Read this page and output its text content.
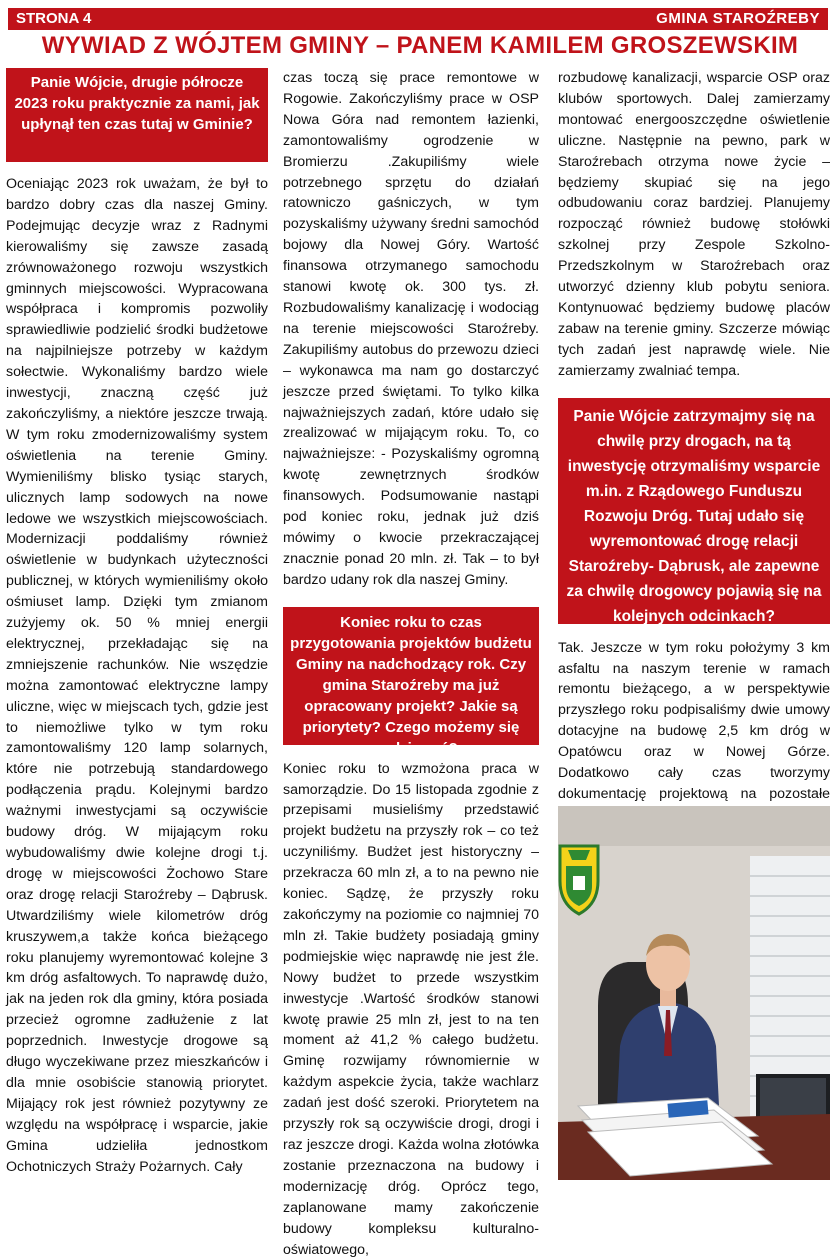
STRONA 4	GMINA STAROŹREBY
WYWIAD Z WÓJTEM GMINY – PANEM KAMILEM GROSZEWSKIM
Panie Wójcie, drugie półrocze 2023 roku praktycznie za nami, jak upłynął ten czas tutaj w Gminie?

Oceniając 2023 rok uważam, że był to bardzo dobry czas dla naszej Gminy. Podejmując decyzje wraz z Radnymi kierowaliśmy się zawsze zasadą zrównoważonego rozwoju wszystkich gminnych miejscowości. Wypracowana współpraca i kompromis pozwoliły sprawiedliwie podzielić środki budżetowe na najpilniejsze potrzeby w każdym sołectwie. Wykonaliśmy bardzo wiele inwestycji, znaczną część już zakończyliśmy, a niektóre jeszcze trwają. W tym roku zmodernizowaliśmy system oświetlenia na terenie Gminy. Wymieniliśmy blisko tysiąc starych, ulicznych lamp sodowych na nowe ledowe we wszystkich miejscowościach. Modernizacji poddaliśmy również oświetlenie w budynkach użyteczności publicznej, w których wymieniliśmy około ośmiuset lamp. Dzięki tym zmianom zużyjemy ok. 50 % mniej energii elektrycznej, przekładając się na zmniejszenie rachunków. Nie wszędzie można zamontować elektryczne lampy uliczne, więc w miejscach tych, gdzie jest to niemożliwe tylko w tym roku zamontowaliśmy 120 lamp solarnych, które nie potrzebują standardowego podłączenia prądu. Kolejnymi bardzo ważnymi inwestycjami są oczywiście budowy dróg. W mijającym roku wybudowaliśmy dwie kolejne drogi t.j. drogę w miejscowości Żochowo Stare oraz drogę relacji Staroźreby – Dąbrusk. Utwardziliśmy wiele kilometrów dróg kruszywem,a także końca bieżącego roku planujemy wyremontować kolejne 3 km dróg asfaltowych. To naprawdę dużo, jak na jeden rok dla gminy, która posiada przecież ogromne zadłużenie z lat poprzednich. Inwestycje drogowe są długo wyczekiwane przez mieszkańców i dla mnie osobiście stanowią priorytet. Mijający rok jest również pozytywny ze względu na współpracę i wsparcie, jakie Gmina udzieliła jednostkom Ochotniczych Straży Pożarnych. Cały

czas toczą się prace remontowe w Rogowie. Zakończyliśmy prace w OSP Nowa Góra nad remontem łazienki, zamontowaliśmy ogrodzenie w Bromierzu .Zakupiliśmy wiele potrzebnego sprzętu do działań ratowniczo gaśniczych, w tym pozyskaliśmy używany średni samochód bojowy dla Nowej Góry. Wartość finansowa otrzymanego samochodu stanowi kwotę ok. 300 tys. zł. Rozbudowaliśmy kanalizację i wodociąg na terenie miejscowości Staroźreby. Zakupiliśmy autobus do przewozu dzieci – wykonawca ma nam go dostarczyć jeszcze przed świętami. To tylko kilka najważniejszych zadań, które udało się zrealizować w mijającym roku. To, co najważniejsze: - Pozyskaliśmy ogromną kwotę zewnętrznych środków finansowych. Podsumowanie nastąpi pod koniec roku, jednak już dziś mówimy o kwocie przekraczającej znacznie ponad 20 mln. zł. Tak – to był bardzo udany rok dla naszej Gminy.

Koniec roku to czas przygotowania projektów budżetu Gminy na nadchodzący rok. Czy gmina Staroźreby ma już opracowany projekt? Jakie są priorytety? Czego możemy się spodziewać?

Koniec roku to wzmożona praca w samorządzie. Do 15 listopada zgodnie z przepisami musieliśmy przedstawić projekt budżetu na przyszły rok – co też uczyniliśmy. Budżet jest historyczny – przekracza 60 mln zł, a to na pewno nie koniec. Sądzę, że przyszły roku zakończymy na poziomie co najmniej 70 mln zł. Takie budżety posiadają gminy podmiejskie więc naprawdę nie jest źle. Nowy budżet to przede wszystkim inwestycje .Wartość środków stanowi kwotę prawie 25 mln zł, jest to na ten moment aż 41,2 % całego budżetu. Gminę rozwijamy równomiernie w każdym aspekcie życia, także wachlarz zadań jest dość szeroki. Priorytetem na przyszły rok są oczywiście drogi, drogi i raz jeszcze drogi. Każda wolna złotówka zostanie przeznaczona na budowy i modernizację dróg. Oprócz tego, zaplanowane mamy zakończenie budowy kompleksu kulturalno-oświatowego,

rozbudowę kanalizacji, wsparcie OSP oraz klubów sportowych. Dalej zamierzamy montować energooszczędne oświetlenie uliczne. Następnie na pewno, park w Staroźrebach otrzyma nowe życie – będziemy skupiać się na jego odbudowaniu coraz bardziej. Planujemy rozpocząć również budowę stołówki szkolnej przy Zespole Szkolno-Przedszkolnym w Staroźrebach oraz utworzyć dzienny klub pobytu seniora. Kontynuować będziemy budowę placów zabaw na terenie gminy. Szczerze mówiąc tych zadań jest naprawdę wiele. Nie zamierzamy zwalniać tempa.

Panie Wójcie zatrzymajmy się na chwilę przy drogach, na tą inwestycję otrzymaliśmy wsparcie m.in. z Rządowego Funduszu Rozwoju Dróg. Tutaj udało się wyremontować drogę relacji Staroźreby- Dąbrusk, ale zapewne za chwilę drogowcy pojawią się na kolejnych odcinkach?

Tak. Jeszcze w tym roku położymy 3 km asfaltu na naszym terenie w ramach remontu bieżącego, a w perspektywie przyszłego roku podpisaliśmy dwie umowy dotacyjne na budowę 2,5 km dróg w Opatówcu oraz w Nowej Górze. Dodatkowo cały czas tworzymy dokumentację projektową na pozostałe
